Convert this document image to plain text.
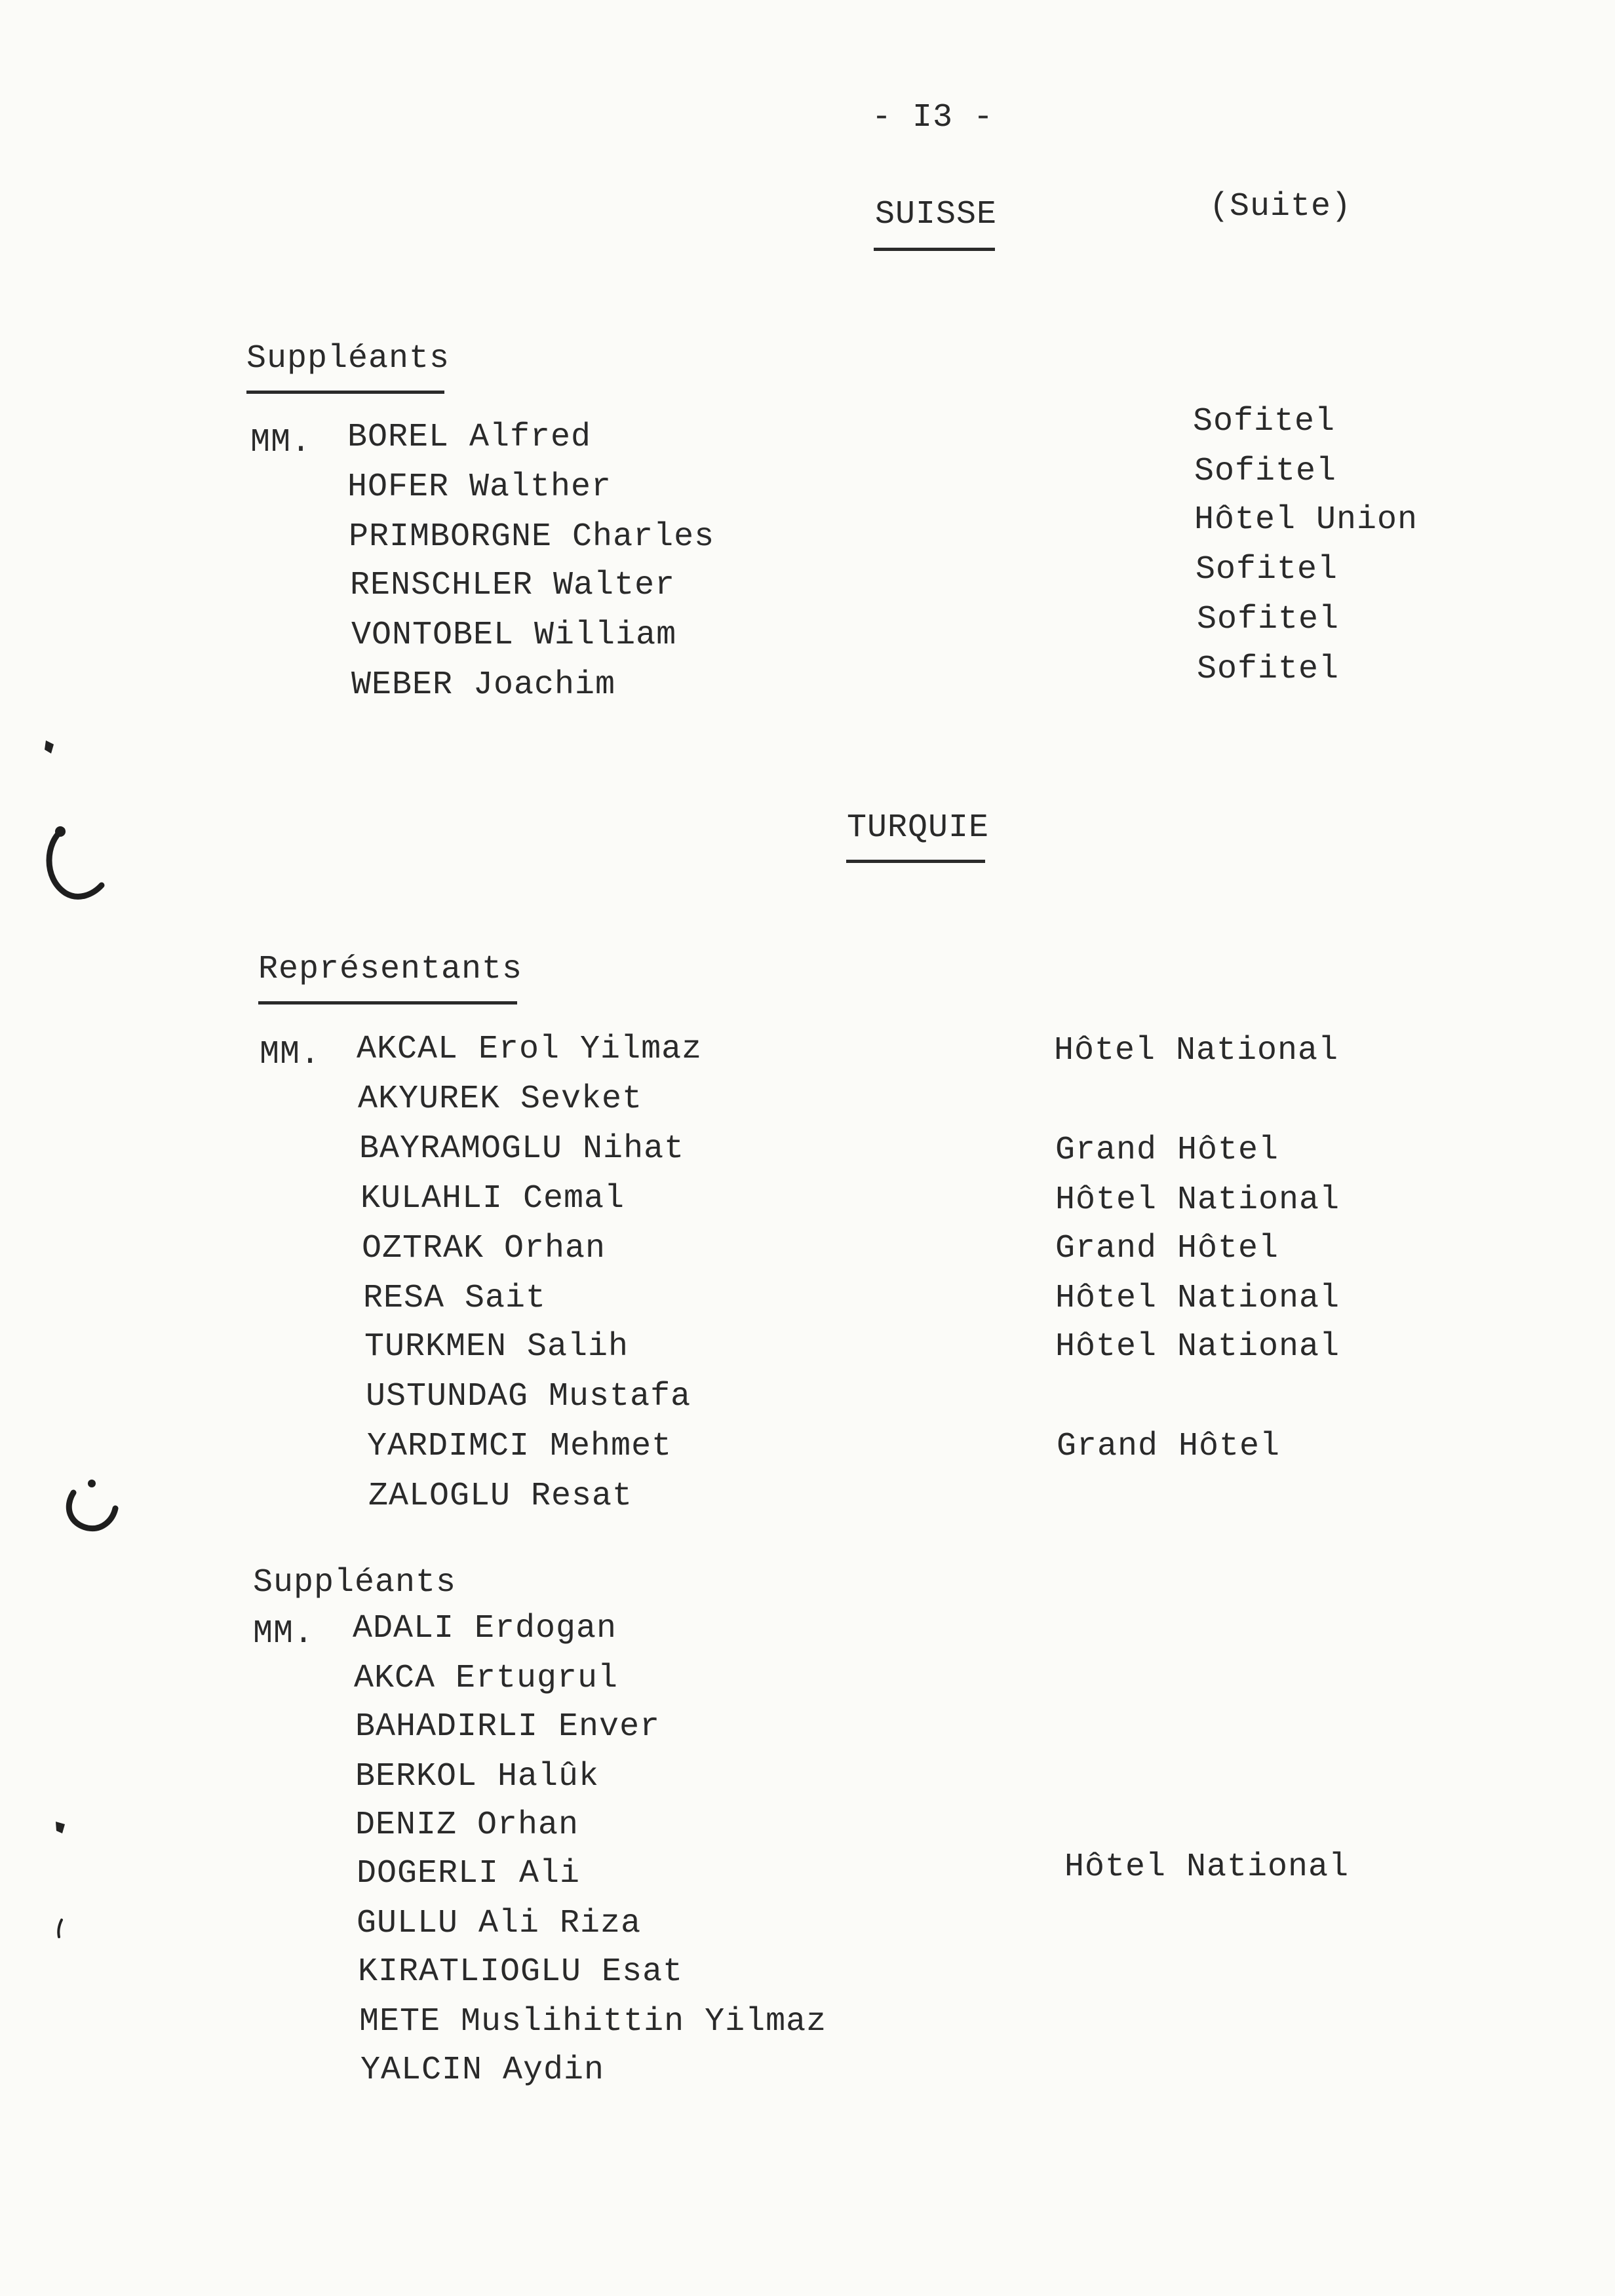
- I3 -
SUISSE	(Suite)
Suppléants
MM. BOREL Alfred
HOFER Walther
PRIMBORGNE Charles
RENSCHLER Walter
VONTOBEL William
WEBER Joachim
Sofitel
Sofitel
Hôtel Union
Sofitel
Sofitel
Sofitel
TURQUIE
Représentants
MM. AKCAL Erol Yilmaz
AKYUREK Sevket
BAYRAMOGLU Nihat
KULAHLI Cemal
OZTRAK Orhan
RESA Sait
TURKMEN Salih
USTUNDAG Mustafa
YARDIMCI Mehmet
ZALOGLU Resat
Hôtel National
Grand Hôtel
Hôtel National
Grand Hôtel
Hôtel National
Hôtel National
Grand Hôtel
Suppléants
MM. ADALI Erdogan
AKCA Ertugrul
BAHADIRLI Enver
BERKOL Halûk
DENIZ Orhan
DOGERLI Ali
GULLU Ali Riza
KIRATLIOGLU Esat
METE Muslihittin Yilmaz
YALCIN Aydin
Hôtel National
